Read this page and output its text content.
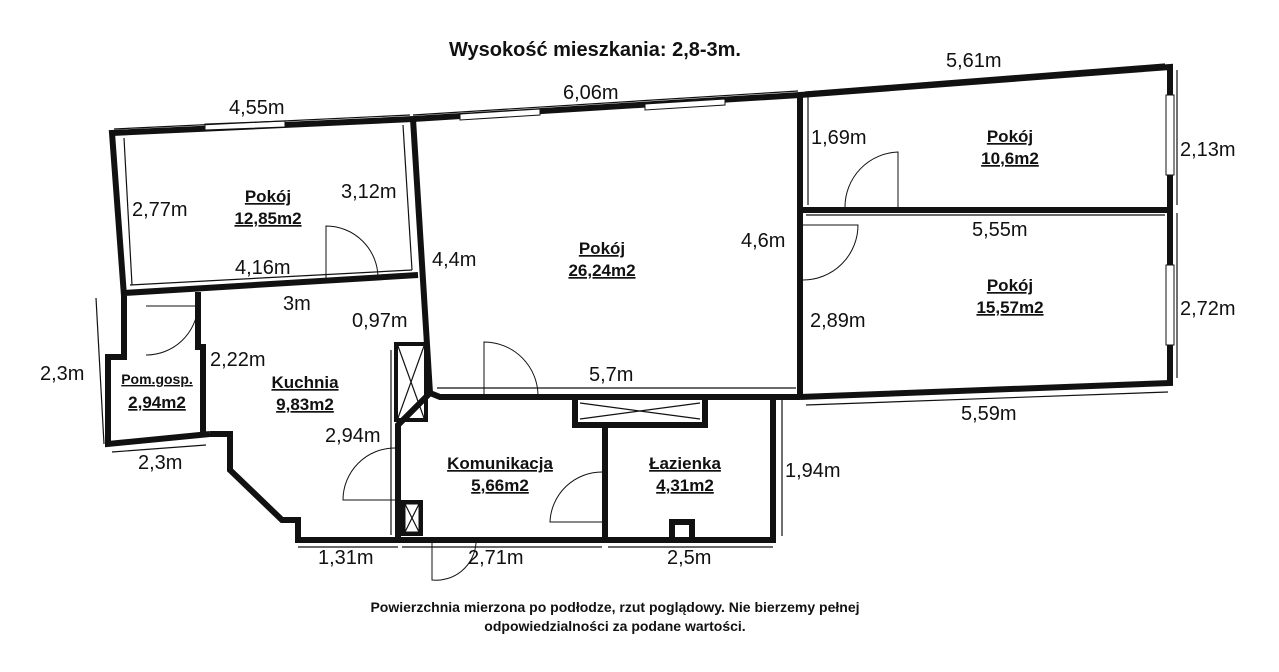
Wysokość mieszkania: 2,8-3m.
Pokój
12,85m2
Pokój
26,24m2
Pokój
10,6m2
Pokój
15,57m2
Kuchnia
9,83m2
Pom.gosp.
2,94m2
Komunikacja
5,66m2
Łazienka
4,31m2
4,55m
6,06m
5,61m
2,77m
3,12m
4,16m	4,4m
1,69m
2,13m
4,6m	5,55m
3m
0,97m	2,89m
2,72m
2,3m
2,22m
5,7m
5,59m
2,94m
2,3m	1,94m
1,31m	2,71m	2,5m
Powierzchnia mierzona po podłodze, rzut poglądowy. Nie bierzemy pełnej
odpowiedzialności za podane wartości.
